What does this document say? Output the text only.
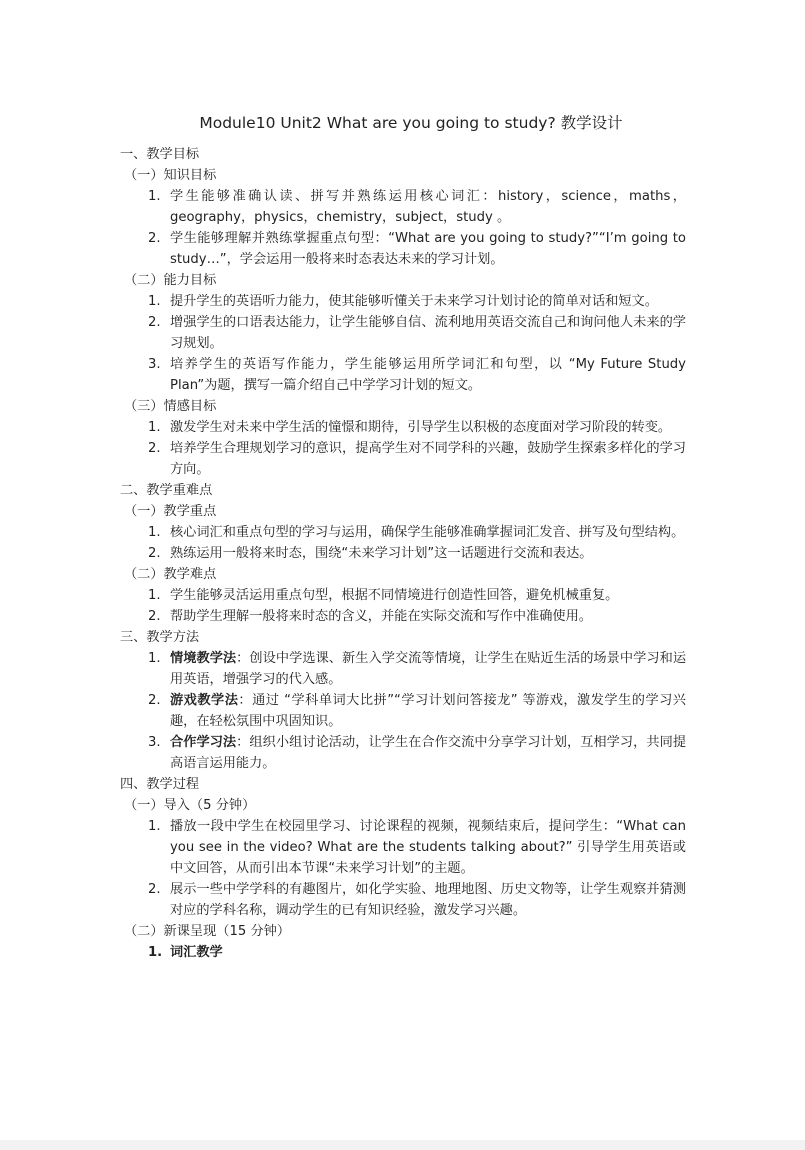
Module10 Unit2 What are you going to study? 教学设计
一、教学目标
（一）知识目标
1. 学生能够准确认读、拼写并熟练运用核心词汇：history，science，maths，geography，physics，chemistry，subject，study 。
2. 学生能够理解并熟练掌握重点句型：“What are you going to study?”“I’m going to study…”，学会运用一般将来时态表达未来的学习计划。
（二）能力目标
1. 提升学生的英语听力能力，使其能够听懂关于未来学习计划讨论的简单对话和短文。
2. 增强学生的口语表达能力，让学生能够自信、流利地用英语交流自己和询问他人未来的学习规划。
3. 培养学生的英语写作能力，学生能够运用所学词汇和句型，以 “My Future Study Plan”为题，撰写一篇介绍自己中学学习计划的短文。
（三）情感目标
1. 激发学生对未来中学生活的憧憬和期待，引导学生以积极的态度面对学习阶段的转变。
2. 培养学生合理规划学习的意识，提高学生对不同学科的兴趣，鼓励学生探索多样化的学习方向。
二、教学重难点
（一）教学重点
1. 核心词汇和重点句型的学习与运用，确保学生能够准确掌握词汇发音、拼写及句型结构。
2. 熟练运用一般将来时态，围绕“未来学习计划”这一话题进行交流和表达。
（二）教学难点
1. 学生能够灵活运用重点句型，根据不同情境进行创造性回答，避免机械重复。
2. 帮助学生理解一般将来时态的含义，并能在实际交流和写作中准确使用。
三、教学方法
1. 情境教学法：创设中学选课、新生入学交流等情境，让学生在贴近生活的场景中学习和运用英语，增强学习的代入感。
2. 游戏教学法：通过 “学科单词大比拼”“学习计划问答接龙” 等游戏，激发学生的学习兴趣，在轻松氛围中巩固知识。
3. 合作学习法：组织小组讨论活动，让学生在合作交流中分享学习计划，互相学习，共同提高语言运用能力。
四、教学过程
（一）导入（5 分钟）
1. 播放一段中学生在校园里学习、讨论课程的视频，视频结束后，提问学生：“What can you see in the video? What are the students talking about?” 引导学生用英语或中文回答，从而引出本节课“未来学习计划”的主题。
2. 展示一些中学学科的有趣图片，如化学实验、地理地图、历史文物等，让学生观察并猜测对应的学科名称，调动学生的已有知识经验，激发学习兴趣。
（二）新课呈现（15 分钟）
1. 词汇教学
